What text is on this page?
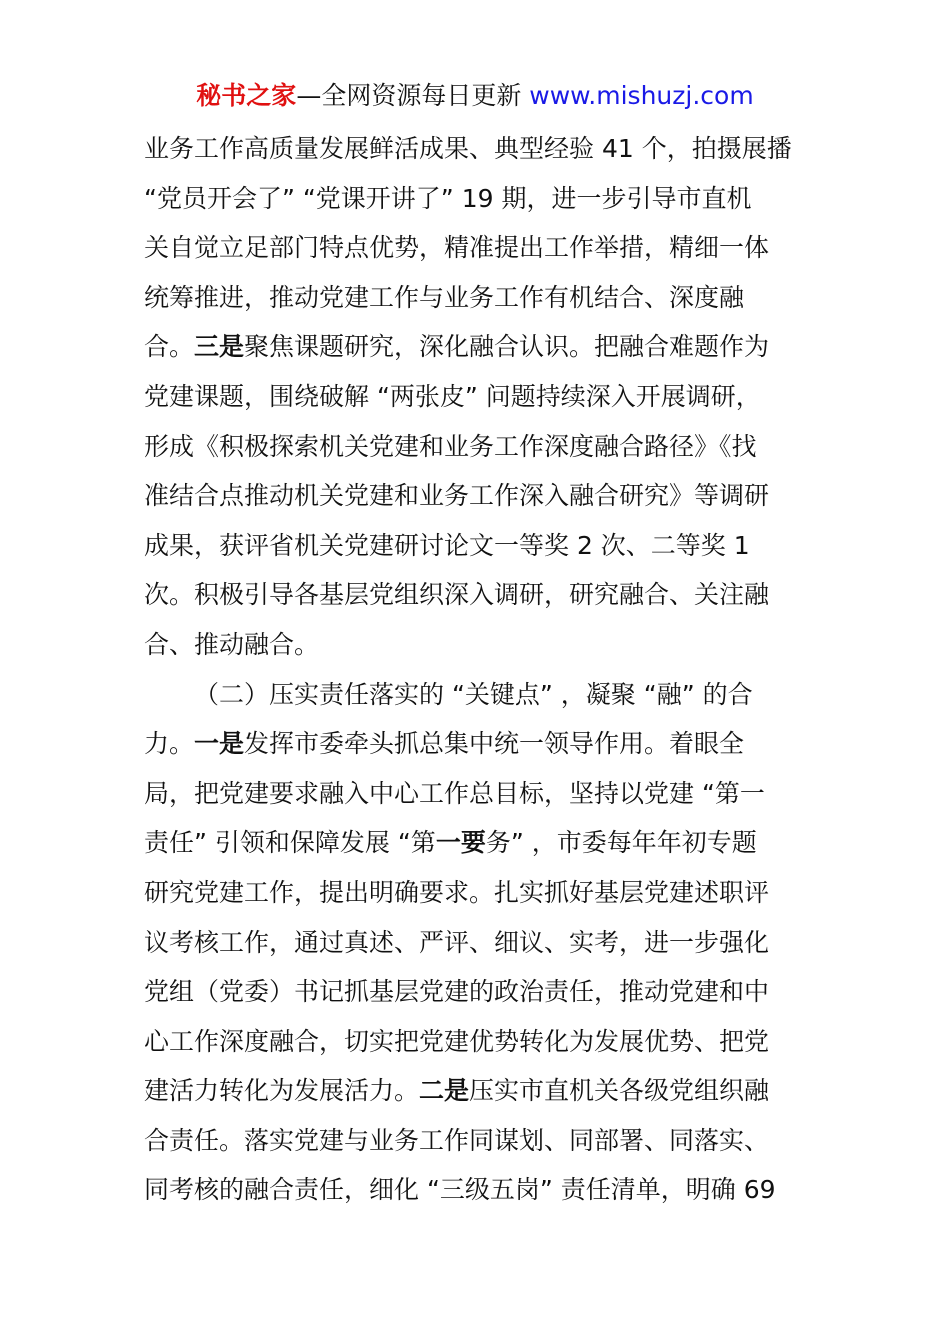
秘书之家—全网资源每日更新 www.mishuzj.com
业务工作高质量发展鲜活成果、典型经验 41 个，拍摄展播
“党员开会了” “党课开讲了” 19 期，进一步引导市直机
关自觉立足部门特点优势，精准提出工作举措，精细一体
统筹推进，推动党建工作与业务工作有机结合、深度融
合。三是聚焦课题研究，深化融合认识。把融合难题作为
党建课题，围绕破解 “两张皮” 问题持续深入开展调研，
形成《积极探索机关党建和业务工作深度融合路径》《找
准结合点推动机关党建和业务工作深入融合研究》等调研
成果，获评省机关党建研讨论文一等奖 2 次、二等奖 1
次。积极引导各基层党组织深入调研，研究融合、关注融
合、推动融合。
（二）压实责任落实的 “关键点” ，凝聚 “融” 的合
力。一是发挥市委牵头抓总集中统一领导作用。着眼全
局，把党建要求融入中心工作总目标，坚持以党建 “第一
责任” 引领和保障发展 “第一要务” ，市委每年年初专题
研究党建工作，提出明确要求。扎实抓好基层党建述职评
议考核工作，通过真述、严评、细议、实考，进一步强化
党组（党委）书记抓基层党建的政治责任，推动党建和中
心工作深度融合，切实把党建优势转化为发展优势、把党
建活力转化为发展活力。二是压实市直机关各级党组织融
合责任。落实党建与业务工作同谋划、同部署、同落实、
同考核的融合责任，细化 “三级五岗” 责任清单，明确 69
